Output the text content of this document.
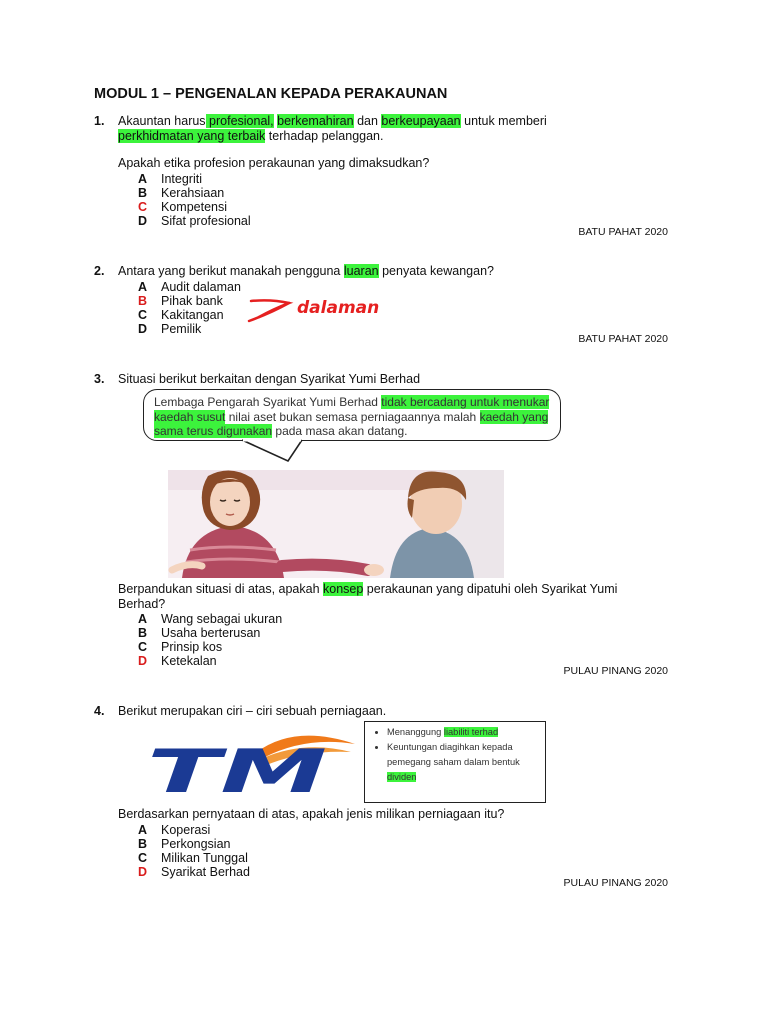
MODUL 1 – PENGENALAN KEPADA PERAKAUNAN
1. Akauntan harus profesional, berkemahiran dan berkeupayaan untuk memberi
perkhidmatan yang terbaik terhadap pelanggan.
Apakah etika profesion perakaunan yang dimaksudkan?
A	Integriti
B	Kerahsiaan
C	Kompetensi
D	Sifat profesional
BATU PAHAT 2020
2. Antara yang berikut manakah pengguna luaran penyata kewangan?
A	Audit dalaman
B	Pihak bank
C	Kakitangan
D	Pemilik
dalaman
BATU PAHAT 2020
3. Situasi berikut berkaitan dengan Syarikat Yumi Berhad
Lembaga Pengarah Syarikat Yumi Berhad tidak bercadang untuk menukar kaedah susut nilai aset bukan semasa perniagaannya malah kaedah yang sama terus digunakan pada masa akan datang.
Berpandukan situasi di atas, apakah konsep perakaunan yang dipatuhi oleh Syarikat Yumi Berhad?
A	Wang sebagai ukuran
B	Usaha berterusan
C	Prinsip kos
D	Ketekalan
PULAU PINANG 2020
4. Berikut merupakan ciri – ciri sebuah perniagaan.
TM
• Menanggung liabiliti terhad
• Keuntungan diagihkan kepada pemegang saham dalam bentuk dividen
Berdasarkan pernyataan di atas, apakah jenis milikan perniagaan itu?
A	Koperasi
B	Perkongsian
C	Milikan Tunggal
D	Syarikat Berhad
PULAU PINANG 2020
